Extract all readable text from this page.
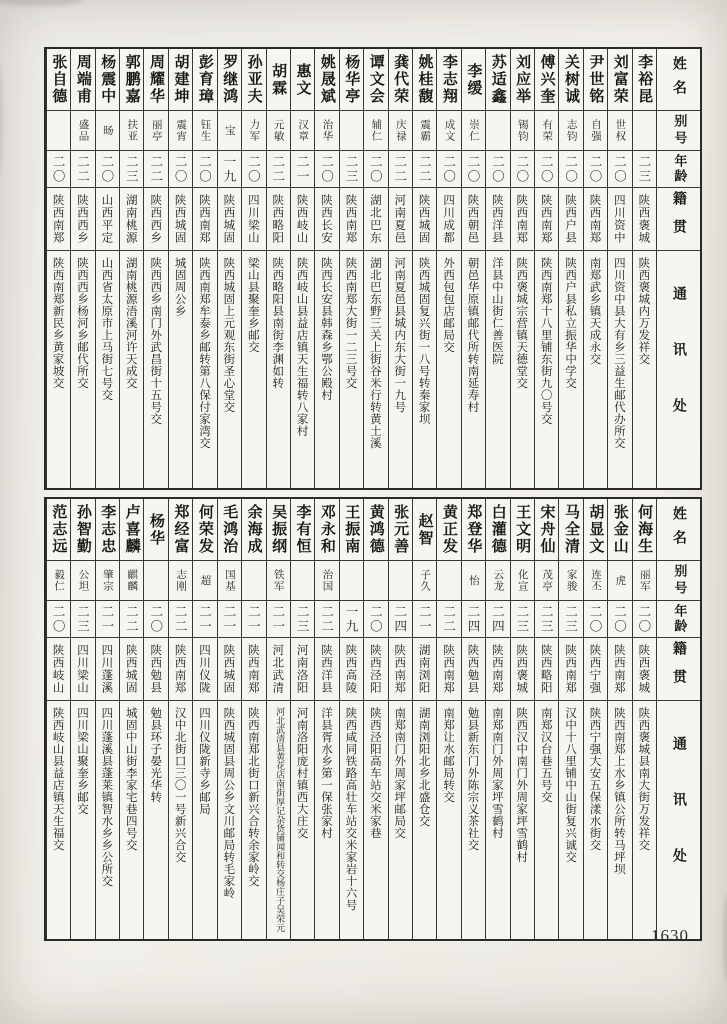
姓名
别号
年龄
籍贯
通讯处
李裕昆
二三
陕西褒城
陕西褒城内万发祥交
刘富荣
世权
二〇
四川资中
四川资中县大有乡三益生邮代办所交
尹世铭
自强
二〇
陕西南郑
南郑武乡镇天成永交
关树诚
志钧
二〇
陕西户县
陕西户县私立振华中学交
傅兴奎
有荣
二〇
陕西南郑
陕西南郑十八里铺东街九〇号交
刘应举
锡钧
二〇
陕西南郑
陕西褒城宗营镇天德堂交
苏适鑫
二〇
陕西洋县
洋县中山街仁善医院
李缓
崇仁
二〇
陕西朝邑
朝邑华原镇邮代所转南延寿村
李志翔
成文
二〇
四川成都
外西包包店邮局交
姚桂馥
震霸
二二
陕西城固
陕西城固复兴街一八号转秦家坝
龚代荣
庆禄
二二
河南夏邑
河南夏邑县城内东大街一九号
谭文会
辅仁
二〇
湖北巴东
湖北巴东野三关上街谷米行转黄土溪
杨华亭
二三
陕西南郑
陕西南郑大街一二三号交
姚晟斌
治华
二〇
陕西长安
陕西长安县韩森乡鄂公殿村
惠文
汉章
二一
陕西岐山
陕西岐山县益店镇天生福转八家村
胡霖
元敏
二二
陕西略阳
陕西略阳县南街李渊如转
孙亚夫
力军
二〇
四川梁山
梁山县聚奎乡邮交
罗继鸿
宝
一九
陕西城固
陕西城固上元观东街圣心堂交
彭育璋
钰生
二〇
陕西南郑
陕西南郑牟泰乡邮转第八保付家湾交
胡建坤
震宵
二〇
陕西城固
城固周公乡
周耀华
丽亭
二二
陕西西乡
陕西西乡南门外武昌街十五号交
郭鹏嘉
扶亚
二三
湖南桃源
湖南桃源浯溪河许天成交
杨震中
旸
二〇
山西平定
山西省太原市上马街七号交
周端甫
盛品
二二
陕西西乡
陕西西乡杨河乡邮代所交
张自德
二〇
陕西南郑
陕西南郑新民乡黄家坡交
姓名
别号
年龄
籍贯
通讯处
何海生
丽军
二〇
陕西褒城
陕西褒城县南大街万发祥交
张金山
虎
二〇
陕西南郑
陕西南郑上水乡镇公所转马坪坝
胡显文
连丕
二〇
陕西宁强
陕西宁强大安五保漾水街交
马全清
家骏
二三
陕西南郑
汉中十八里铺中山街复兴诚交
宋舟仙
茂亭
二三
陕西略阳
南郑汉台巷五号交
王文明
化宣
二三
陕西褒城
陕西汉中南门外周家坪雪鹤村
白灌德
云龙
二四
陕西南郑
南郑南门外周家坪雪鹤村
郑登华
怡
二四
陕西勉县
勉县新东门外陈宗义茶社交
黄正发
二二
陕西南郑
南郑让水邮局转交
赵智
子久
二一
湖南浏阳
湖南浏阳北乡北盛仓交
张元善
二四
陕西南郑
南郑南门外周家坪邮局交
黄鸿德
二〇
陕西泾阳
陕西泾阳高车站交米家巷
王振南
一九
陕西高陵
陕西咸同铁路高壮车站交米家岩十六号
邓永和
治国
二二
陕西洋县
洋县胥水乡第一保张家村
李有恒
二三
河南洛阳
河南洛阳庞村镇西大庄交
吴振纲
铁军
二一
河北武清
河北武清县黄花店南街厚记杂货铺闻和转交杨庄子吴荣元
余海成
二一
陕西南郑
陕西南郑北街口新兴合转余家岭交
毛鸿治
国基
二一
陕西城固
陕西城固县周公乡文川邮局转毛家岭
何荣发
超
二一
四川仪陇
四川仪陇新寺乡邮局
郑经富
志刚
二二
陕西南郑
汉中北街口三〇一号新兴合交
杨华
二〇
陕西勉县
勉县环子晏光华转
卢喜麟
麒麟
二二
陕西城固
城固中山街李家宅巷四号交
李志忠
肇宗
二一
四川蓬溪
四川蓬溪县蓬莱镇智水乡乡公所交
孙智勤
公坦
二三
四川梁山
四川梁山聚奎乡邮交
范志远
毅仁
二〇
陕西岐山
陕西岐山县益店镇天生福交
1630
